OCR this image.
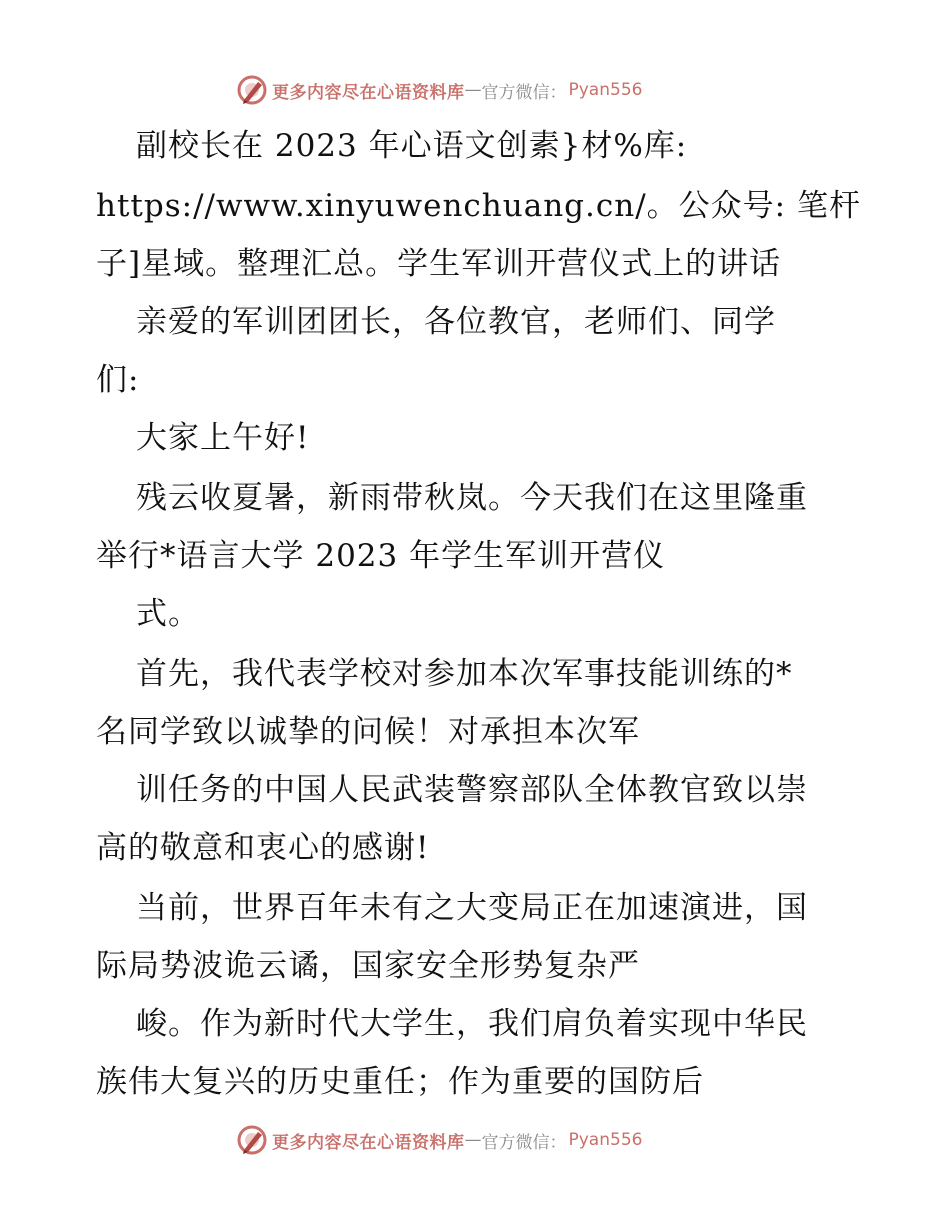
更多内容尽在心语资料库 — 官方微信： Pyan556
副校长在 2023 年心语文创素}材%库:
https://www.xinyuwenchuang.cn/。公众号: 笔杆
子]星域。整理汇总。学生军训开营仪式上的讲话
亲爱的军训团团长，各位教官，老师们、同学
们:
大家上午好!
残云收夏暑，新雨带秋岚。今天我们在这里隆重
举行*语言大学 2023 年学生军训开营仪
式。
首先，我代表学校对参加本次军事技能训练的*
名同学致以诚挚的问候！对承担本次军
训任务的中国人民武装警察部队全体教官致以崇
高的敬意和衷心的感谢!
当前，世界百年未有之大变局正在加速演进，国
际局势波诡云谲，国家安全形势复杂严
峻。作为新时代大学生，我们肩负着实现中华民
族伟大复兴的历史重任；作为重要的国防后
更多内容尽在心语资料库 — 官方微信： Pyan556
